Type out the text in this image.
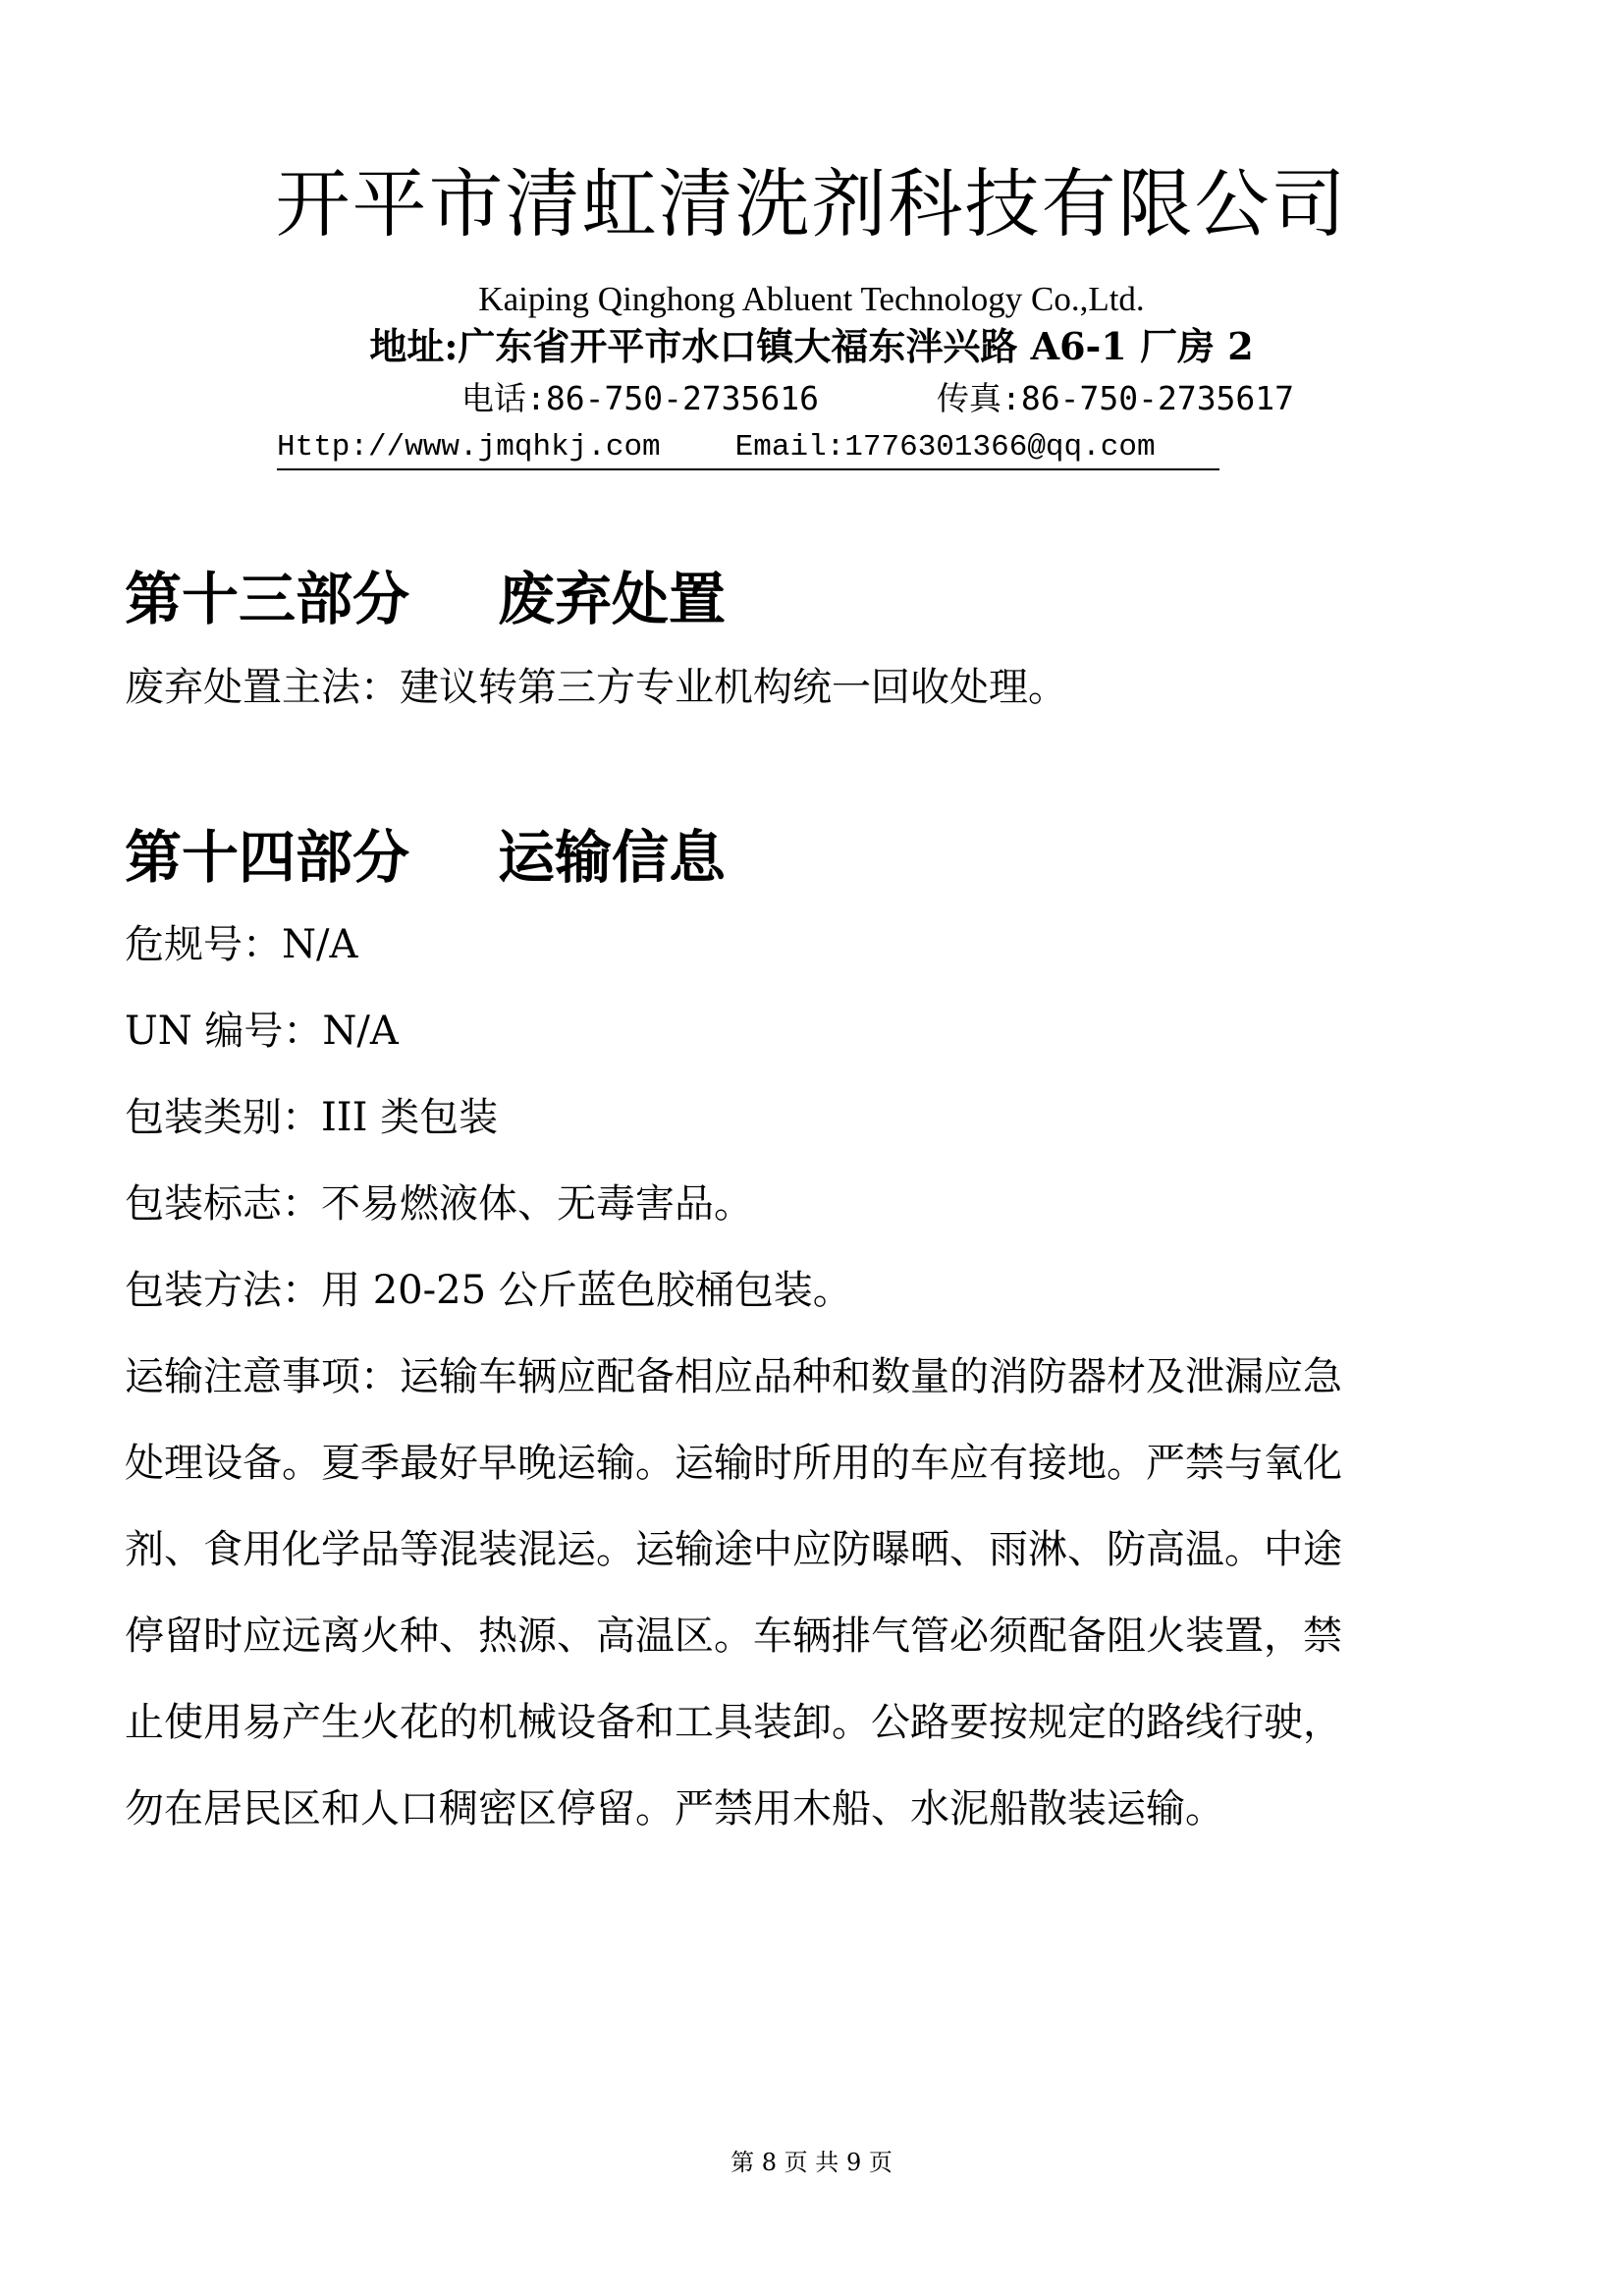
开平市清虹清洗剂科技有限公司
Kaiping Qinghong Abluent Technology Co.,Ltd.
地址:广东省开平市水口镇大福东泮兴路 A6-1 厂房 2
电话:86-750-2735616	传真:86-750-2735617
Http://www.jmqhkj.com Email:1776301366@qq.com
第十三部分 废弃处置
废弃处置主法：建议转第三方专业机构统一回收处理。
第十四部分 运输信息
危规号：N/A
UN 编号：N/A
包装类别：III 类包装
包装标志：不易燃液体、无毒害品。
包装方法：用 20-25 公斤蓝色胶桶包装。
运输注意事项：运输车辆应配备相应品种和数量的消防器材及泄漏应急
处理设备。夏季最好早晚运输。运输时所用的车应有接地。严禁与氧化
剂、食用化学品等混装混运。运输途中应防曝晒、雨淋、防高温。中途
停留时应远离火种、热源、高温区。车辆排气管必须配备阻火装置，禁
止使用易产生火花的机械设备和工具装卸。公路要按规定的路线行驶，
勿在居民区和人口稠密区停留。严禁用木船、水泥船散装运输。
第 8 页 共 9 页
